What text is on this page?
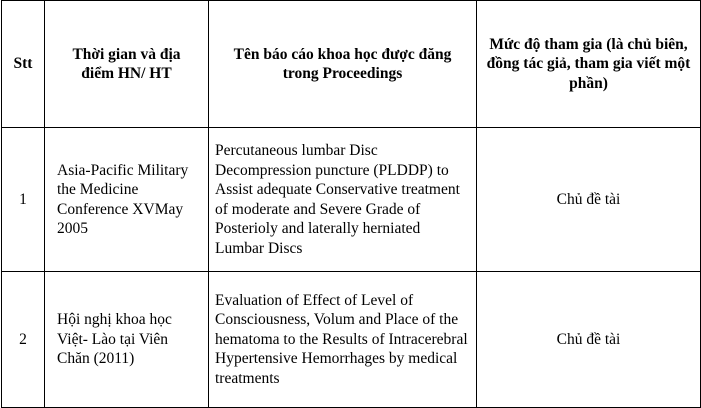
Stt	Thời gian và địa điểm HN/ HT	Tên báo cáo khoa học được đăng trong Proceedings	Mức độ tham gia (là chủ biên, đồng tác giả, tham gia viết một phần)

1	Asia-Pacific Military the Medicine Conference XVMay 2005	Percutaneous lumbar Disc Decompression puncture (PLDDP) to Assist adequate Conservative treatment of moderate and Severe Grade of Posterioly and laterally herniated Lumbar Discs	Chủ đề tài
2	Hội nghị khoa học Việt- Lào tại Viên Chăn (2011)	Evaluation of Effect of Level of Consciousness, Volum and Place of the hematoma to the Results of Intracerebral Hypertensive Hemorrhages by medical treatments	Chủ đề tài
